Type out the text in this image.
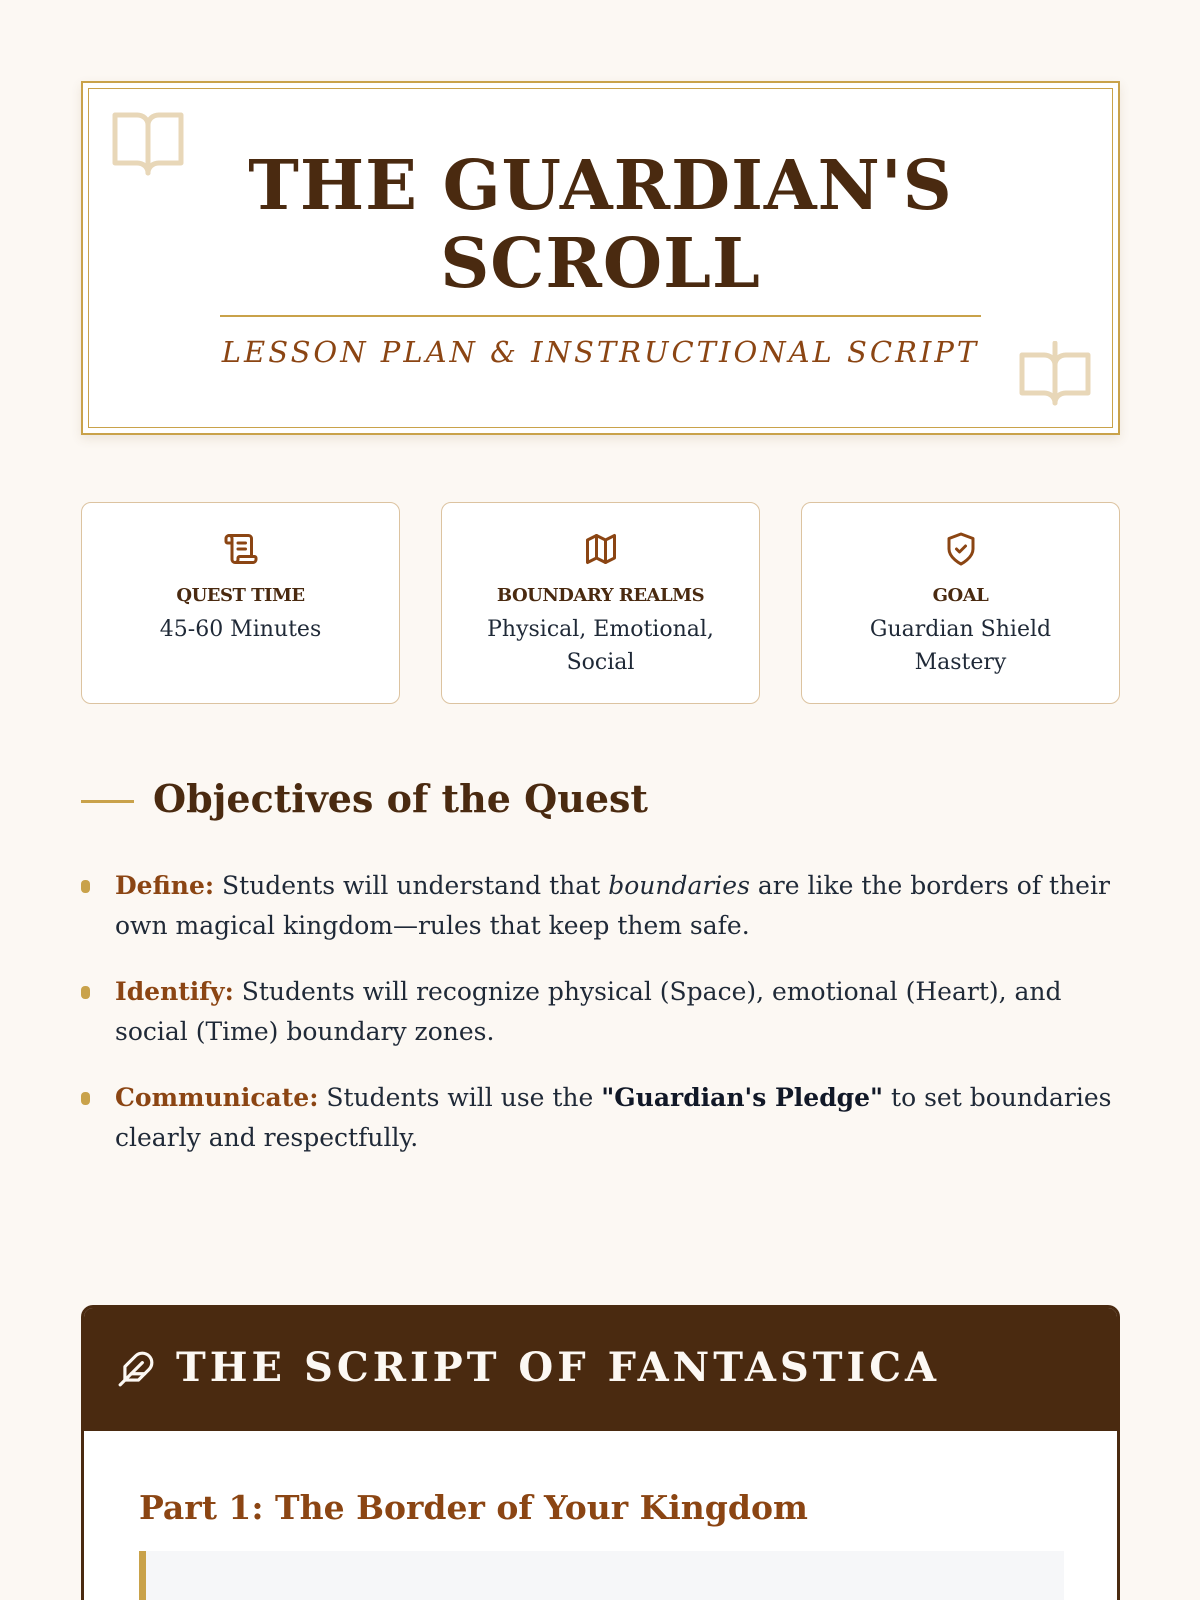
THE GUARDIAN'S
SCROLL
LESSON PLAN & INSTRUCTIONAL SCRIPT
QUEST TIME
45-60 Minutes
BOUNDARY REALMS
Physical, Emotional, Social
GOAL
Guardian Shield Mastery
Objectives of the Quest
Define: Students will understand that boundaries are like the borders of their own magical kingdom—rules that keep them safe.
Identify: Students will recognize physical (Space), emotional (Heart), and social (Time) boundary zones.
Communicate: Students will use the "Guardian's Pledge" to set boundaries clearly and respectfully.
THE SCRIPT OF FANTASTICA
Part 1: The Border of Your Kingdom
